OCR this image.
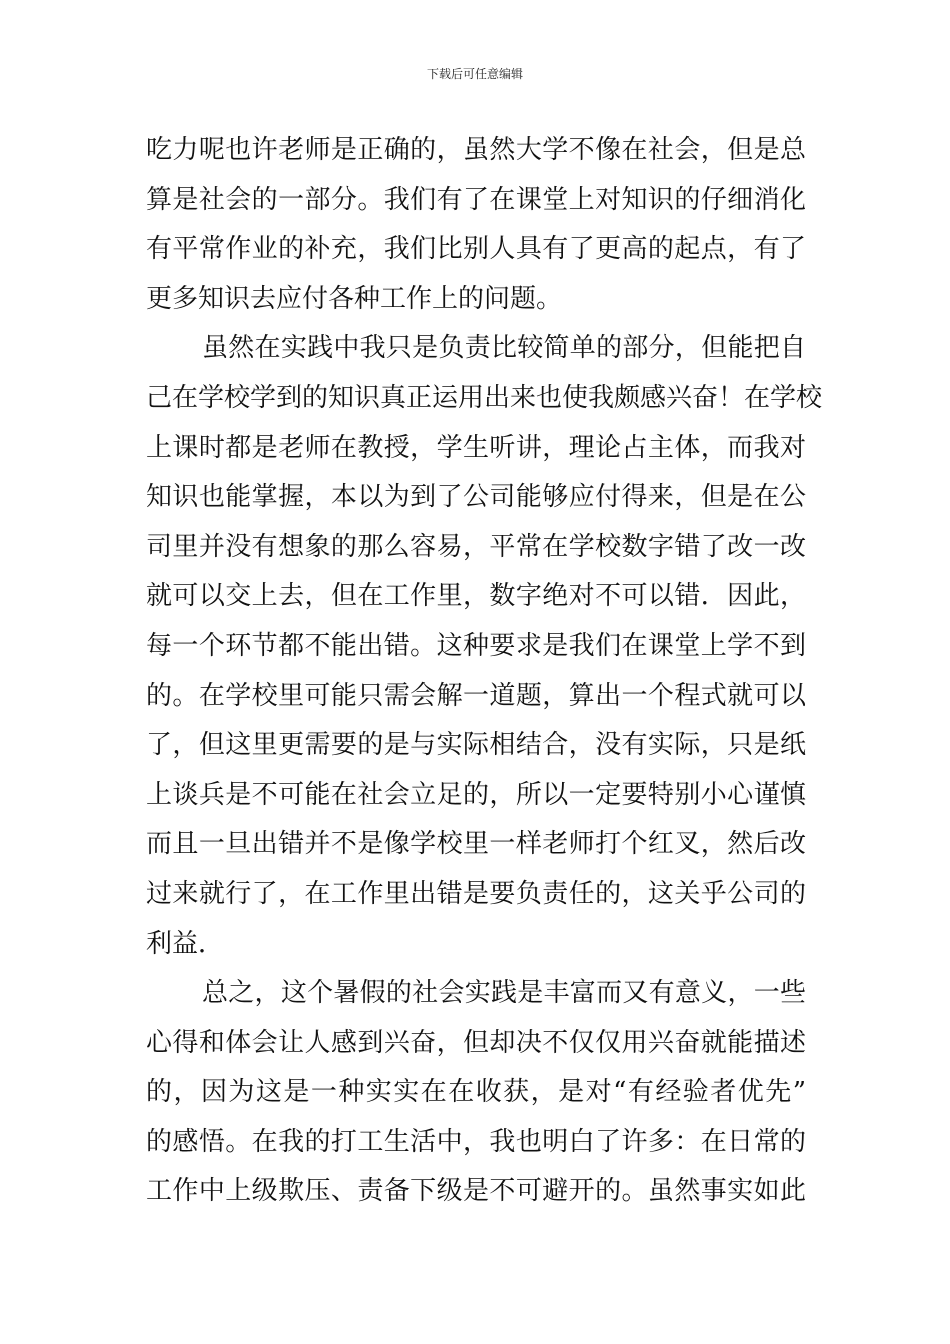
下载后可任意编辑
吃力呢也许老师是正确的，虽然大学不像在社会，但是总
算是社会的一部分。我们有了在课堂上对知识的仔细消化
有平常作业的补充，我们比别人具有了更高的起点，有了
更多知识去应付各种工作上的问题。
虽然在实践中我只是负责比较简单的部分，但能把自
己在学校学到的知识真正运用出来也使我颇感兴奋！在学校
上课时都是老师在教授，学生听讲，理论占主体，而我对
知识也能掌握，本以为到了公司能够应付得来，但是在公
司里并没有想象的那么容易，平常在学校数字错了改一改
就可以交上去，但在工作里，数字绝对不可以错．因此，
每一个环节都不能出错。这种要求是我们在课堂上学不到
的。在学校里可能只需会解一道题，算出一个程式就可以
了，但这里更需要的是与实际相结合，没有实际，只是纸
上谈兵是不可能在社会立足的，所以一定要特别小心谨慎
而且一旦出错并不是像学校里一样老师打个红叉，然后改
过来就行了，在工作里出错是要负责任的，这关乎公司的
利益．
总之，这个暑假的社会实践是丰富而又有意义，一些
心得和体会让人感到兴奋，但却决不仅仅用兴奋就能描述
的，因为这是一种实实在在收获，是对“有经验者优先”
的感悟。在我的打工生活中，我也明白了许多：在日常的
工作中上级欺压、责备下级是不可避开的。虽然事实如此
